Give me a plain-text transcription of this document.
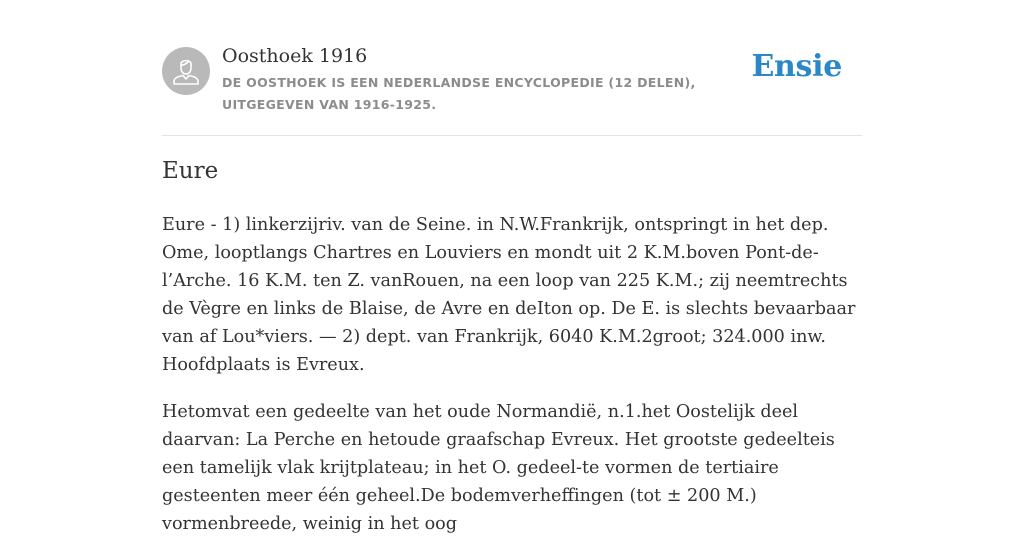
Oosthoek 1916
DE OOSTHOEK IS EEN NEDERLANDSE ENCYCLOPEDIE (12 DELEN), UITGEGEVEN VAN 1916-1925.
Ensie
Eure

Eure - 1) linkerzijriv. van de Seine. in N.W.Frankrijk, ontspringt in het dep. Ome, looptlangs Chartres en Louviers en mondt uit 2 K.M.boven Pont-de-l’Arche. 16 K.M. ten Z. vanRouen, na een loop van 225 K.M.; zij neemtrechts de Vègre en links de Blaise, de Avre en deIton op. De E. is slechts bevaarbaar van af Lou*viers. — 2) dept. van Frankrijk, 6040 K.M.2groot; 324.000 inw. Hoofdplaats is Evreux.

Hetomvat een gedeelte van het oude Normandië, n.1.het Oostelijk deel daarvan: La Perche en hetoude graafschap Evreux. Het grootste gedeelteis een tamelijk vlak krijtplateau; in het O. gedeel-te vormen de tertiaire gesteenten meer één geheel.De bodemverheffingen (tot ± 200 M.) vormenbreede, weinig in het oog
